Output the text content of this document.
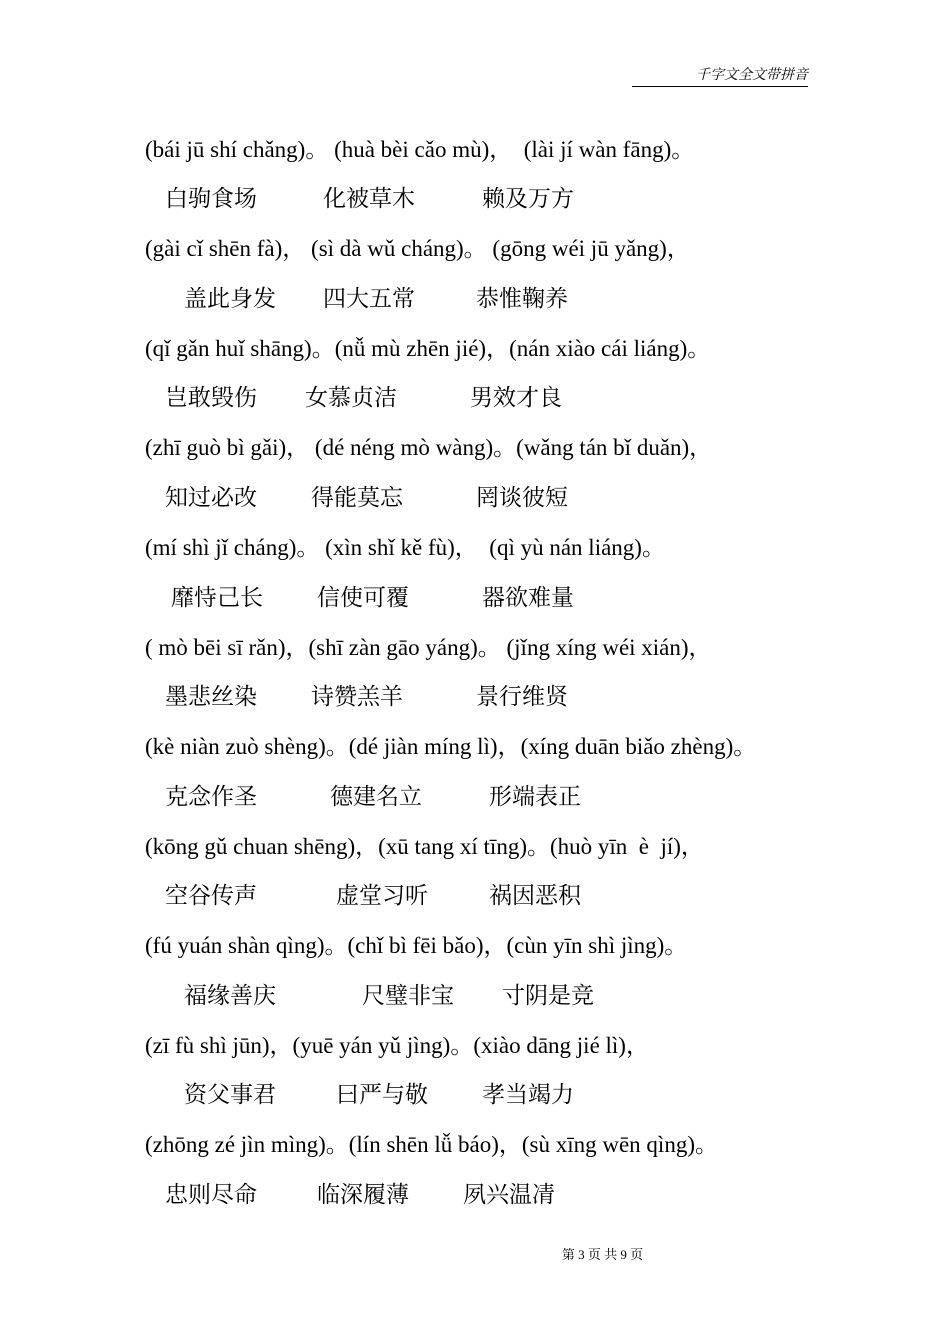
千字文全文带拼音
(bái jū shí chǎng)。 (huà bèi cǎo mù)，  (lài jí wàn fāng)。
白驹食场	化被草木	赖及万方
(gài cǐ shēn fà)， (sì dà wǔ cháng)。 (gōng wéi jū yǎng)，
盖此身发 四大五常	恭惟鞠养
(qǐ gǎn huǐ shāng)。(nǚ mù zhēn jié)，(nán xiào cái liáng)。
岂敢毁伤 女慕贞洁	男效才良
(zhī guò bì gǎi)， (dé néng mò wàng)。(wǎng tán bǐ duǎn)，
知过必改 得能莫忘	罔谈彼短
(mí shì jǐ cháng)。 (xìn shǐ kě fù)，  (qì yù nán liáng)。
靡恃己长 信使可覆	器欲难量
( mò bēi sī rǎn)，(shī zàn gāo yáng)。 (jǐng xíng wéi xián)，
墨悲丝染 诗赞羔羊	景行维贤
(kè niàn zuò shèng)。(dé jiàn míng lì)，(xíng duān biǎo zhèng)。
克念作圣	德建名立	形端表正
(kōng gǔ chuan shēng)，(xū tang xí tīng)。(huò yīn  è  jí)，
空谷传声	虚堂习听	祸因恶积
(fú yuán shàn qìng)。(chǐ bì fēi bǎo)，(cùn yīn shì jìng)。
福缘善庆	尺璧非宝 寸阴是竞
(zī fù shì jūn)，(yuē yán yǔ jìng)。(xiào dāng jié lì)，
资父事君	曰严与敬 孝当竭力
(zhōng zé jìn mìng)。(lín shēn lǚ báo)，(sù xīng wēn qìng)。
忠则尽命	临深履薄 夙兴温凊
第 3 页 共 9 页
